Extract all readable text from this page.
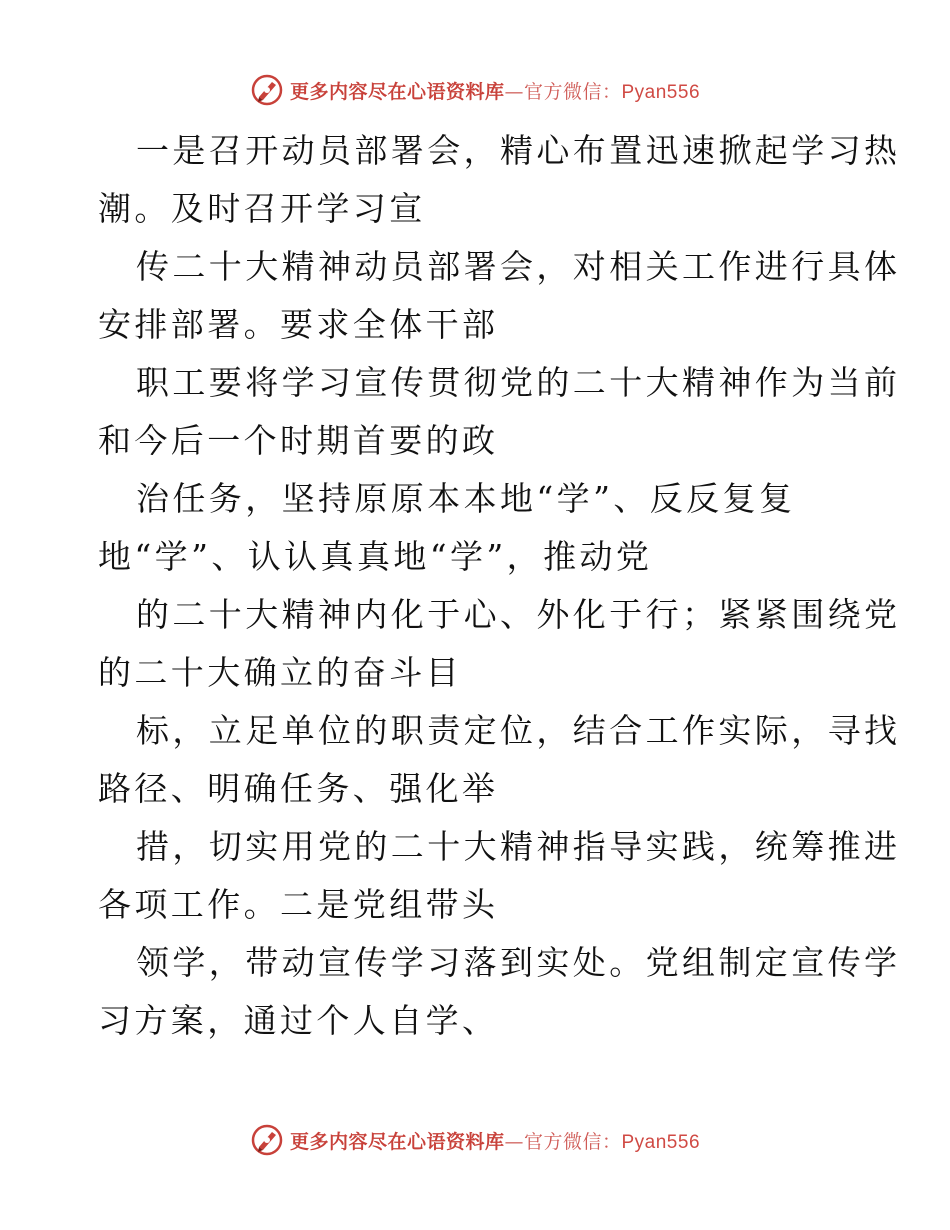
更多内容尽在心语资料库—官方微信：Pyan556
一是召开动员部署会，精心布置迅速掀起学习热
潮。及时召开学习宣
传二十大精神动员部署会，对相关工作进行具体
安排部署。要求全体干部
职工要将学习宣传贯彻党的二十大精神作为当前
和今后一个时期首要的政
治任务，坚持原原本本地“学”、反反复复
地“学”、认认真真地“学”，推动党
的二十大精神内化于心、外化于行；紧紧围绕党
的二十大确立的奋斗目
标，立足单位的职责定位，结合工作实际，寻找
路径、明确任务、强化举
措，切实用党的二十大精神指导实践，统筹推进
各项工作。二是党组带头
领学，带动宣传学习落到实处。党组制定宣传学
习方案，通过个人自学、
更多内容尽在心语资料库—官方微信：Pyan556
